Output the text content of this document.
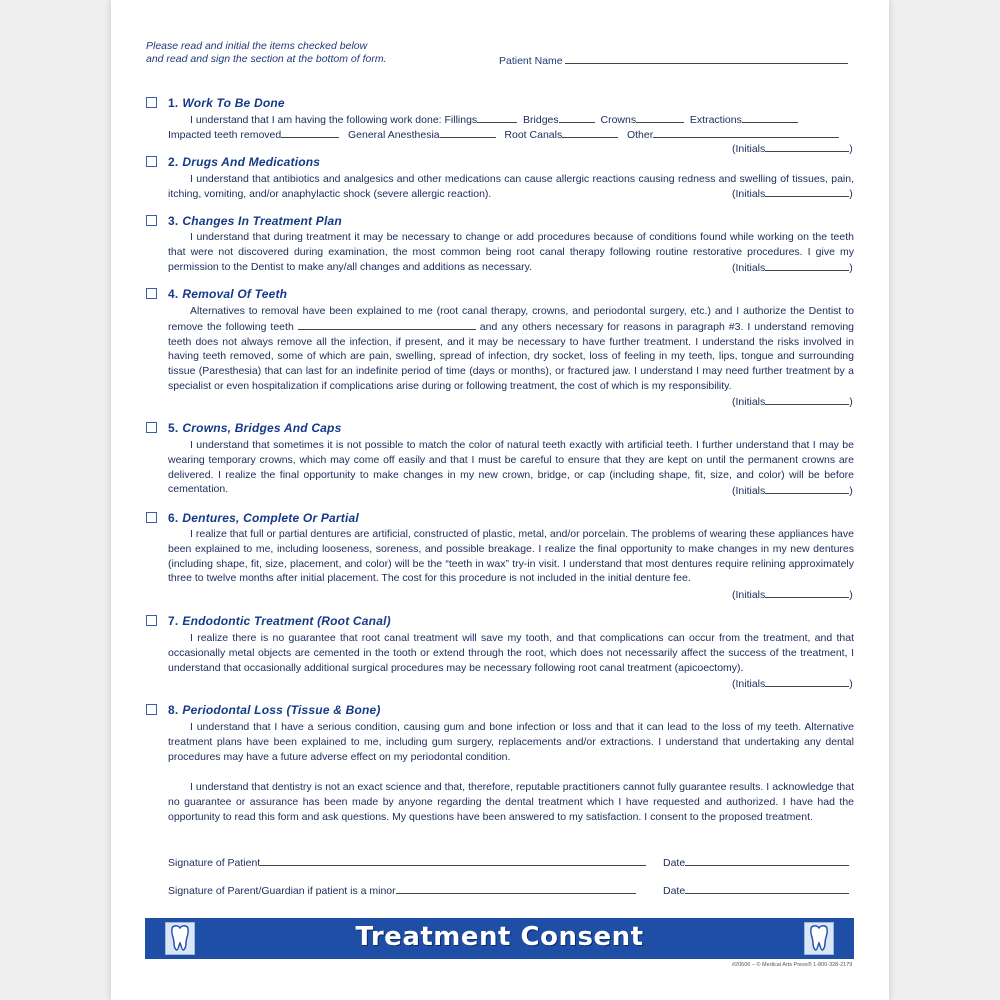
Please read and initial the items checked below
and read and sign the section at the bottom of form.	Patient Name
1. Work To Be Done
I understand that I am having the following work done: Fillings	Bridges	Crowns	Extractions
Impacted teeth removed	General Anesthesia	Root Canals	Other
(Initials	)
2. Drugs And Medications
I understand that antibiotics and analgesics and other medications can cause allergic reactions causing redness and swelling of tissues, pain, itching, vomiting, and/or anaphylactic shock (severe allergic reaction).	(Initials	)
3. Changes In Treatment Plan
I understand that during treatment it may be necessary to change or add procedures because of conditions found while working on the teeth that were not discovered during examination, the most common being root canal therapy following routine restorative procedures. I give my permission to the Dentist to make any/all changes and additions as necessary.	(Initials	)
4. Removal Of Teeth
Alternatives to removal have been explained to me (root canal therapy, crowns, and periodontal surgery, etc.) and I authorize the Dentist to remove the following teeth	and any others necessary for reasons in paragraph #3. I understand removing teeth does not always remove all the infection, if present, and it may be necessary to have further treatment. I understand the risks involved in having teeth removed, some of which are pain, swelling, spread of infection, dry socket, loss of feeling in my teeth, lips, tongue and surrounding tissue (Paresthesia) that can last for an indefinite period of time (days or months), or fractured jaw. I understand I may need further treatment by a specialist or even hospitalization if complications arise during or following treatment, the cost of which is my responsibility.
(Initials	)
5. Crowns, Bridges And Caps
I understand that sometimes it is not possible to match the color of natural teeth exactly with artificial teeth. I further understand that I may be wearing temporary crowns, which may come off easily and that I must be careful to ensure that they are kept on until the permanent crowns are delivered. I realize the final opportunity to make changes in my new crown, bridge, or cap (including shape, fit, size, and color) will be before cementation.	(Initials	)
6. Dentures, Complete Or Partial
I realize that full or partial dentures are artificial, constructed of plastic, metal, and/or porcelain. The problems of wearing these appliances have been explained to me, including looseness, soreness, and possible breakage. I realize the final opportunity to make changes in my new dentures (including shape, fit, size, placement, and color) will be the “teeth in wax” try-in visit. I understand that most dentures require relining approximately three to twelve months after initial placement. The cost for this procedure is not included in the initial denture fee.
(Initials	)
7. Endodontic Treatment (Root Canal)
I realize there is no guarantee that root canal treatment will save my tooth, and that complications can occur from the treatment, and that occasionally metal objects are cemented in the tooth or extend through the root, which does not necessarily affect the success of the treatment, I understand that occasionally additional surgical procedures may be necessary following root canal treatment (apicoectomy).
(Initials	)
8. Periodontal Loss (Tissue & Bone)
I understand that I have a serious condition, causing gum and bone infection or loss and that it can lead to the loss of my teeth. Alternative treatment plans have been explained to me, including gum surgery, replacements and/or extractions. I understand that undertaking any dental procedures may have a future adverse effect on my periodontal condition.
I understand that dentistry is not an exact science and that, therefore, reputable practitioners cannot fully guarantee results. I acknowledge that no guarantee or assurance has been made by anyone regarding the dental treatment which I have requested and authorized. I have had the opportunity to read this form and ask questions. My questions have been answered to my satisfaction. I consent to the proposed treatment.
Signature of Patient	Date
Signature of Parent/Guardian if patient is a minor	Date
Treatment Consent
#20606 – © Medical Arts Press® 1-800-328-2179
